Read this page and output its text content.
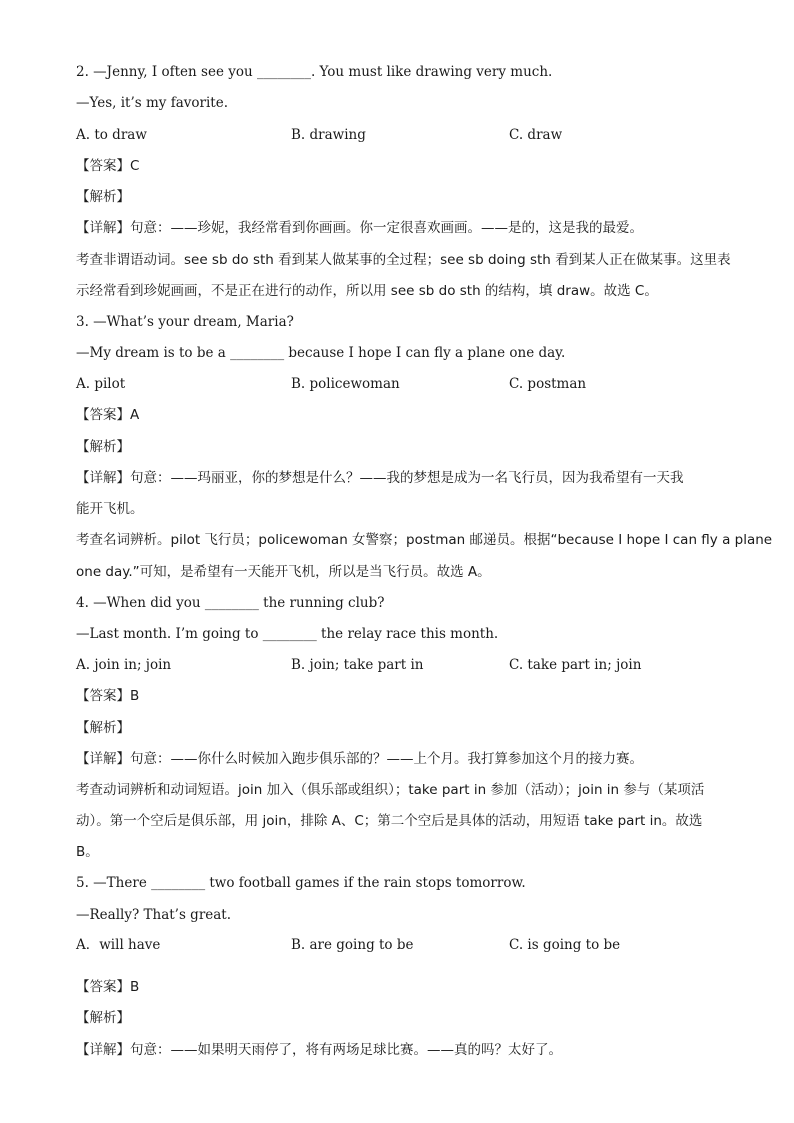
2. —Jenny, I often see you ________. You must like drawing very much.
—Yes, it’s my favorite.
A. to draw	B. drawing	C. draw
【答案】C
【解析】
【详解】句意：——珍妮，我经常看到你画画。你一定很喜欢画画。——是的，这是我的最爱。
考查非谓语动词。see sb do sth 看到某人做某事的全过程；see sb doing sth 看到某人正在做某事。这里表
示经常看到珍妮画画，不是正在进行的动作，所以用 see sb do sth 的结构，填 draw。故选 C。
3. —What’s your dream, Maria?
—My dream is to be a ________ because I hope I can fly a plane one day.
A. pilot	B. policewoman	C. postman
【答案】A
【解析】
【详解】句意：——玛丽亚，你的梦想是什么？——我的梦想是成为一名飞行员，因为我希望有一天我
能开飞机。
考查名词辨析。pilot 飞行员；policewoman 女警察；postman 邮递员。根据“because I hope I can fly a plane
one day.”可知，是希望有一天能开飞机，所以是当飞行员。故选 A。
4. —When did you ________ the running club?
—Last month. I’m going to ________ the relay race this month.
A. join in; join	B. join; take part in	C. take part in; join
【答案】B
【解析】
【详解】句意：——你什么时候加入跑步俱乐部的？——上个月。我打算参加这个月的接力赛。
考查动词辨析和动词短语。join 加入（俱乐部或组织）；take part in 参加（活动）；join in 参与（某项活
动）。第一个空后是俱乐部，用 join，排除 A、C；第二个空后是具体的活动，用短语 take part in。故选
B。
5. —There ________ two football games if the rain stops tomorrow.
—Really? That’s great.
A．will have	B. are going to be	C. is going to be
【答案】B
【解析】
【详解】句意：——如果明天雨停了，将有两场足球比赛。——真的吗？太好了。
